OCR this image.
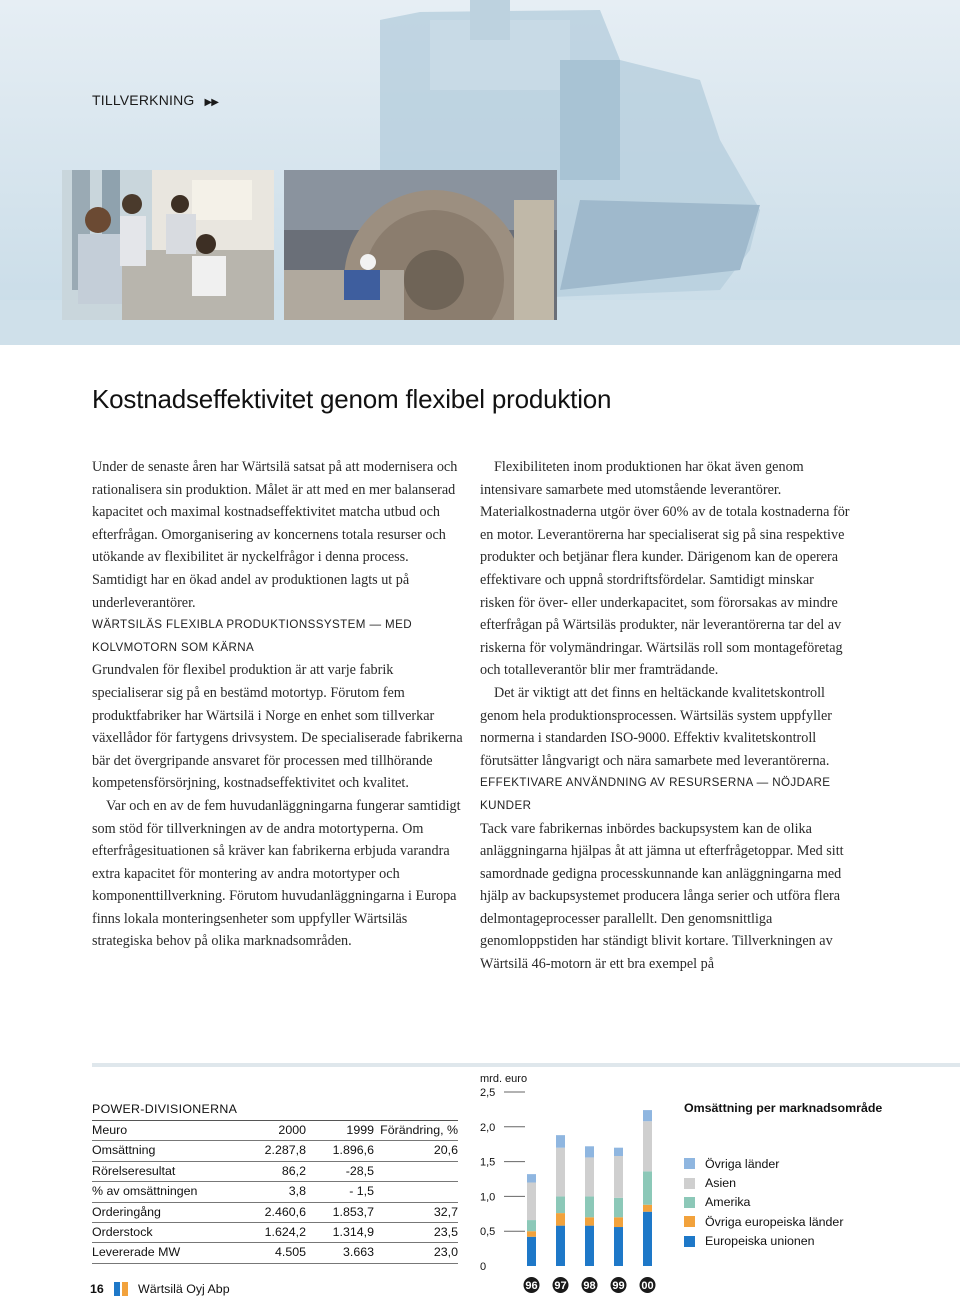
TILLVERKNING ▶▶
Kostnadseffektivitet genom flexibel produktion

Under de senaste åren har Wärtsilä satsat på att modernisera och rationalisera sin produktion. Målet är att med en mer balanserad kapacitet och maximal kostnadseffektivitet matcha utbud och efterfrågan. Omorganisering av koncernens totala resurser och utökande av flexibilitet är nyckelfrågor i denna process. Samtidigt har en ökad andel av produktionen lagts ut på underleverantörer.

WÄRTSILÄS FLEXIBLA PRODUKTIONSSYSTEM — MED KOLVMOTORN SOM KÄRNA

Grundvalen för flexibel produktion är att varje fabrik specialiserar sig på en bestämd motortyp. Förutom fem produktfabriker har Wärtsilä i Norge en enhet som tillverkar växellådor för fartygens drivsystem. De specialiserade fabrikerna bär det övergripande ansvaret för processen med tillhörande kompetensförsörjning, kostnadseffektivitet och kvalitet.

Var och en av de fem huvudanläggningarna fungerar samtidigt som stöd för tillverkningen av de andra motortyperna. Om efterfrågesituationen så kräver kan fabrikerna erbjuda varandra extra kapacitet för montering av andra motortyper och komponenttillverkning. Förutom huvudanläggningarna i Europa finns lokala monteringsenheter som uppfyller Wärtsiläs strategiska behov på olika marknadsområden.

Flexibiliteten inom produktionen har ökat även genom intensivare samarbete med utomstående leverantörer. Materialkostnaderna utgör över 60% av de totala kostnaderna för en motor. Leverantörerna har specialiserat sig på sina respektive produkter och betjänar flera kunder. Därigenom kan de operera effektivare och uppnå stordriftsfördelar. Samtidigt minskar risken för över- eller underkapacitet, som förorsakas av mindre efterfrågan på Wärtsiläs produkter, när leverantörerna tar del av riskerna för volymändringar. Wärtsiläs roll som montageföretag och totalleverantör blir mer framträdande.

Det är viktigt att det finns en heltäckande kvalitetskontroll genom hela produktionsprocessen. Wärtsiläs system uppfyller normerna i standarden ISO-9000. Effektiv kvalitetskontroll förutsätter långvarigt och nära samarbete med leverantörerna.

EFFEKTIVARE ANVÄNDNING AV RESURSERNA — NÖJDARE KUNDER

Tack vare fabrikernas inbördes backupsystem kan de olika anläggningarna hjälpas åt att jämna ut efterfrågetoppar. Med sitt samordnade gedigna processkunnande kan anläggningarna med hjälp av backupsystemet producera långa serier och utföra flera delmontageprocesser parallellt. Den genomsnittliga genomloppstiden har ständigt blivit kortare. Tillverkningen av Wärtsilä 46-motorn är ett bra exempel på

POWER-DIVISIONERNA
Meuro	2000	1999 Förändring, %
Omsättning	2.287,8	1.896,6	20,6
Rörelseresultat	86,2	-28,5
% av omsättningen	3,8	- 1,5
Orderingång	2.460,6	1.853,7	32,7
Orderstock	1.624,2	1.314,9	23,5
Levererade MW	4.505	3.663	23,0
mrd. euro
0
0,5
1,0
1,5
2,0
2,5
96 97 98 99 00
Omsättning per marknadsområde
Övriga länder
Asien
Amerika
Övriga europeiska länder
Europeiska unionen
16	Wärtsilä Oyj Abp
